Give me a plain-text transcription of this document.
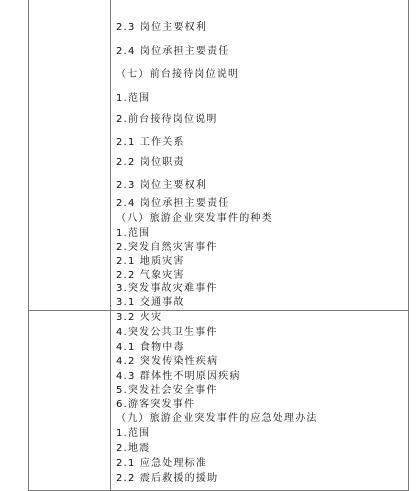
2.3 岗位主要权利
2.4 岗位承担主要责任
（七）前台接待岗位说明
1.范围
2.前台接待岗位说明
2.1 工作关系
2.2 岗位职责
2.3 岗位主要权利
2.4 岗位承担主要责任
（八）旅游企业突发事件的种类
1.范围
2.突发自然灾害事件
2.1 地质灾害
2.2 气象灾害
3.突发事故灾难事件
3.1 交通事故
3.2 火灾
4.突发公共卫生事件
4.1 食物中毒
4.2 突发传染性疾病
4.3 群体性不明原因疾病
5.突发社会安全事件
6.游客突发事件
（九）旅游企业突发事件的应急处理办法
1.范围
2.地震
2.1 应急处理标准
2.2 震后救援的援助
